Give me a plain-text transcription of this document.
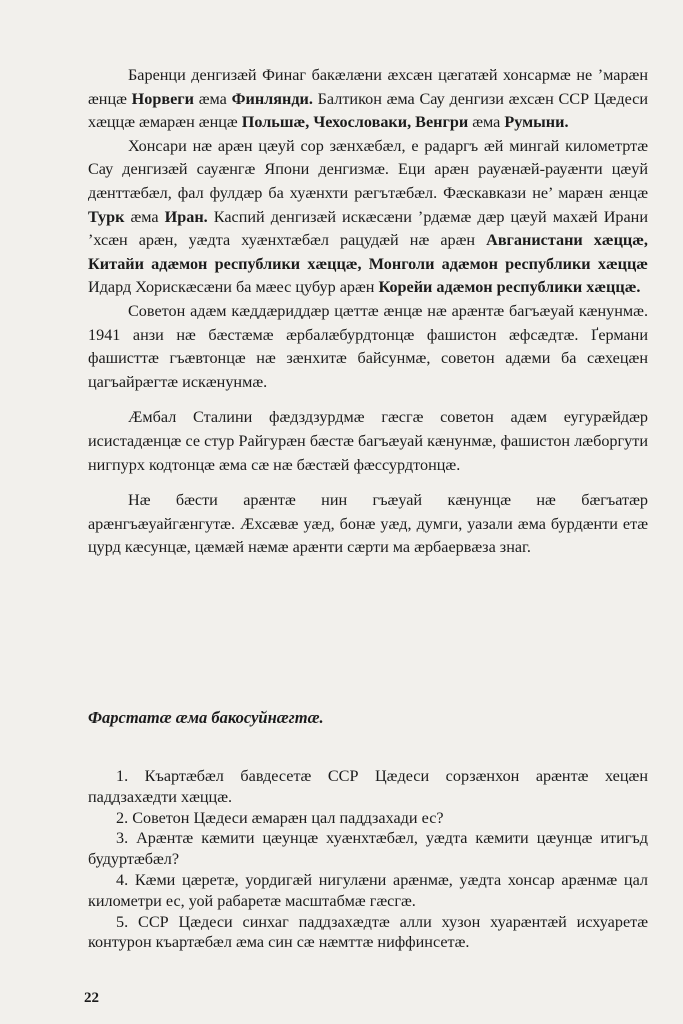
Баренци денгизæй Финаг бакæлæни æхсæн цæгатæй хонсармæ не ’марæн æнцæ Норвеги æма Финлянди. Балтикон æма Сау денгизи æхсæн ССР Цæдеси хæццæ æмарæн æнцæ Польшæ, Чехословаки, Венгри æма Румыни.

Хонсари нæ арæн цæуй сор зæнхæбæл, е радаргъ æй мингай километртæ Сау денгизæй сауæнгæ Япони денгизмæ. Еци арæн рауæнæй-рауæнти цæуй дæнттæбæл, фал фулдæр ба хуæнхти рæгътæбæл. Фæскавкази не’ марæн æнцæ Турк æма Иран. Каспий денгизæй искæсæни ’рдæмæ дæр цæуй махæй Ирани ’хсæн арæн, уæдта хуæнхтæбæл рацудæй нæ арæн Авганистани хæццæ, Китайи адæмон республики хæццæ, Монголи адæмон республики хæццæ Идард Хорискæсæни ба мæес цубур арæн Корейи адæмон республики хæццæ.

Советон адæм кæддæриддæр цæттæ æнцæ нæ арæнтæ багъæуай кæнунмæ. 1941 анзи нæ бæстæмæ æрбалæбурдтонцæ фашистон æфсæдтæ. Ґермани фашисттæ гъæвтонцæ нæ зæнхитæ байсунмæ, советон адæми ба сæхецæн цагъайрæгтæ искæнунмæ.

Æмбал Сталини фæдздзурдмæ гæсгæ советон адæм еугурæйдæр исистадæнцæ се стур Райгурæн бæстæ багъæуай кæнунмæ, фашистон лæборгути нигпурх кодтонцæ æма сæ нæ бæстæй фæссурдтонцæ.

Нæ бæсти арæнтæ нин гъæуай кæнунцæ нæ бæгъатæр арæнгъæуайгæнгутæ. Æхсæвæ уæд, бонæ уæд, думги, уазали æма бурдæнти етæ цурд кæсунцæ, цæмæй нæмæ арæнти сæрти ма æрбаервæза знаг.

Фарстатæ æма бакосуйнæгтæ.

1. Къартæбæл бавдесетæ ССР Цæдеси сорзæнхон арæнтæ хецæн паддзахæдти хæццæ.

2. Советон Цæдеси æмарæн цал паддзахади ес?

3. Арæнтæ кæмити цæунцæ хуæнхтæбæл, уæдта кæмити цæунцæ итигъд будуртæбæл?

4. Кæми цæретæ, уордигæй нигулæни арæнмæ, уæдта хонсар арæнмæ цал километри ес, уой рабаретæ масштабмæ гæсгæ.

5. ССР Цæдеси синхаг паддзахæдтæ алли хузон хуарæнтæй исхуаретæ контурон къартæбæл æма син сæ нæмттæ ниффинсетæ.

22
